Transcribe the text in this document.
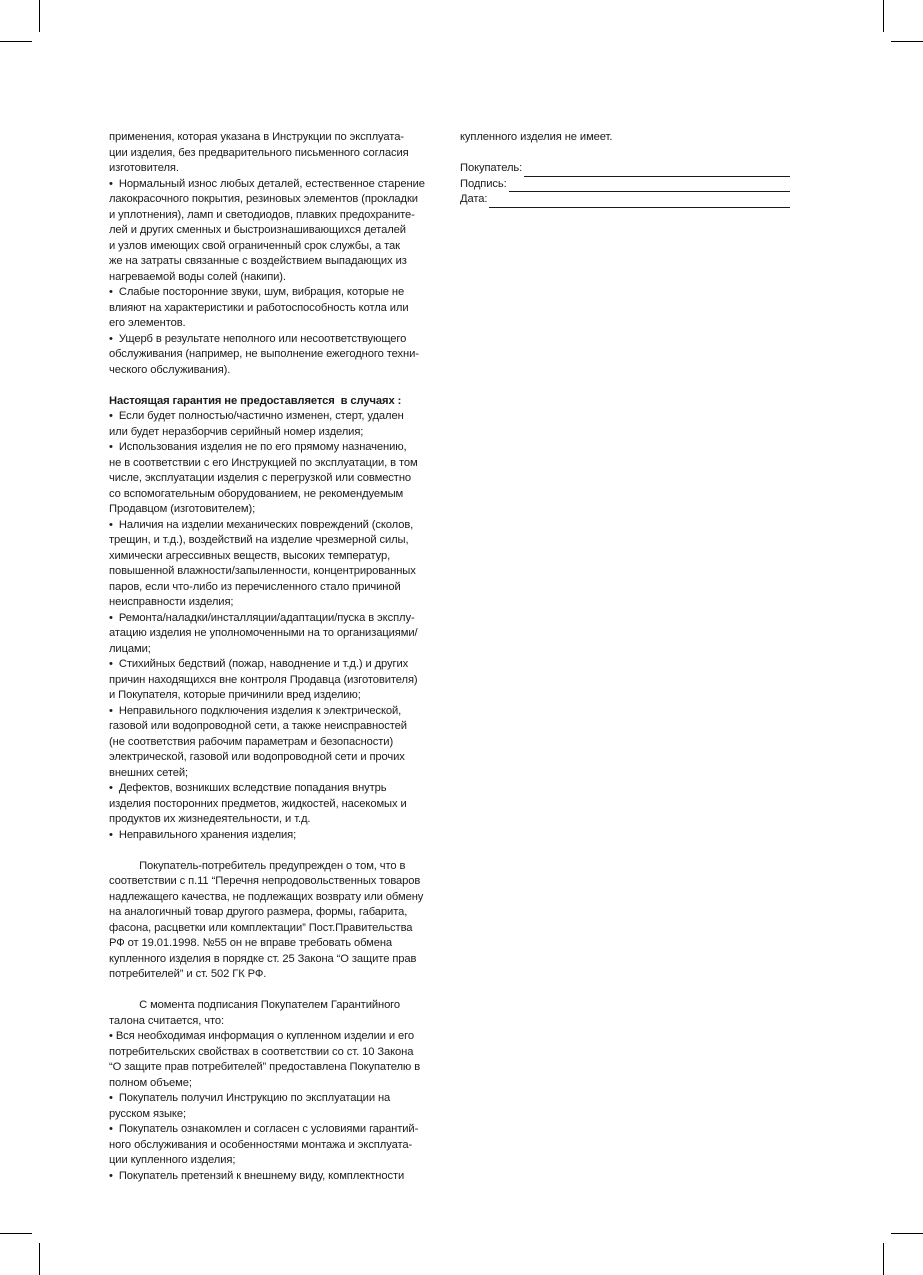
применения, которая указана в Инструкции по эксплуата-
ции изделия, без предварительного письменного согласия
изготовителя.
•  Нормальный износ любых деталей, естественное старение
лакокрасочного покрытия, резиновых элементов (прокладки
и уплотнения), ламп и светодиодов, плавких предохраните-
лей и других сменных и быстроизнашивающихся деталей
и узлов имеющих свой ограниченный срок службы, а так
же на затраты связанные с воздействием выпадающих из
нагреваемой воды солей (накипи).
•  Слабые посторонние звуки, шум, вибрация, которые не
влияют на характеристики и работоспособность котла или
его элементов.
•  Ущерб в результате неполного или несоответствующего
обслуживания (например, не выполнение ежегодного техни-
ческого обслуживания).
Настоящая гарантия не предоставляется  в случаях :
•  Если будет полностью/частично изменен, стерт, удален
или будет неразборчив серийный номер изделия;
•  Использования изделия не по его прямому назначению,
не в соответствии с его Инструкцией по эксплуатации, в том
числе, эксплуатации изделия с перегрузкой или совместно
со вспомогательным оборудованием, не рекомендуемым
Продавцом (изготовителем);
•  Наличия на изделии механических повреждений (сколов,
трещин, и т.д.), воздействий на изделие чрезмерной силы,
химически агрессивных веществ, высоких температур,
повышенной влажности/запыленности, концентрированных
паров, если что-либо из перечисленного стало причиной
неисправности изделия;
•  Ремонта/наладки/инсталляции/адаптации/пуска в эксплу-
атацию изделия не уполномоченными на то организациями/
лицами;
•  Стихийных бедствий (пожар, наводнение и т.д.) и других
причин находящихся вне контроля Продавца (изготовителя)
и Покупателя, которые причинили вред изделию;
•  Неправильного подключения изделия к электрической,
газовой или водопроводной сети, а также неисправностей
(не соответствия рабочим параметрам и безопасности)
электрической, газовой или водопроводной сети и прочих
внешних сетей;
•  Дефектов, возникших вследствие попадания внутрь
изделия посторонних предметов, жидкостей, насекомых и
продуктов их жизнедеятельности, и т.д.
•  Неправильного хранения изделия;
Покупатель-потребитель предупрежден о том, что в
соответствии с п.11 “Перечня непродовольственных товаров
надлежащего качества, не подлежащих возврату или обмену
на аналогичный товар другого размера, формы, габарита,
фасона, расцветки или комплектации” Пост.Правительства
РФ от 19.01.1998. №55 он не вправе требовать обмена
купленного изделия в порядке ст. 25 Закона “О защите прав
потребителей” и ст. 502 ГК РФ.
С момента подписания Покупателем Гарантийного
талона считается, что:
• Вся необходимая информация о купленном изделии и его
потребительских свойствах в соответствии со ст. 10 Закона
“О защите прав потребителей” предоставлена Покупателю в
полном объеме;
•  Покупатель получил Инструкцию по эксплуатации на
русском языке;
•  Покупатель ознакомлен и согласен с условиями гарантий-
ного обслуживания и особенностями монтажа и эксплуата-
ции купленного изделия;
•  Покупатель претензий к внешнему виду, комплектности
купленного изделия не имеет.
Покупатель:
Подпись:
Дата:
